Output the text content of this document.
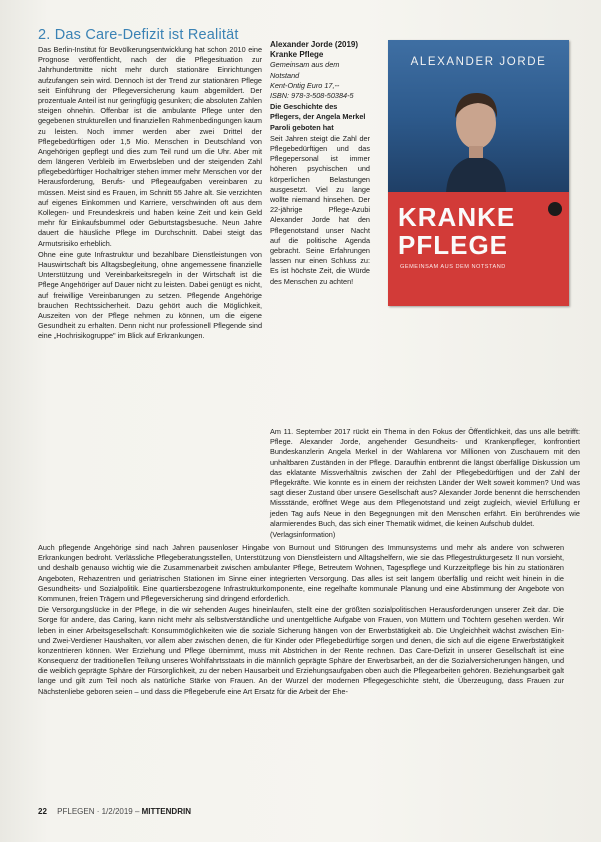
2. Das Care-Defizit ist Realität

Das Berlin-Institut für Bevölkerungsentwicklung hat schon 2010 eine Prognose veröffentlicht, nach der die Pflegesituation zur Jahrhundertmitte nicht mehr durch stationäre Einrichtungen aufzufangen sein wird. Dennoch ist der Trend zur stationären Pflege seit Einführung der Pflegeversicherung kaum abgemildert. Der prozentuale Anteil ist nur geringfügig gesunken; die absoluten Zahlen steigen ohnehin. Offenbar ist die ambulante Pflege unter den gegebenen strukturellen und finanziellen Rahmenbedingungen kaum zu leisten. Noch immer werden aber zwei Drittel der Pflegebedürftigen oder 1,5 Mio. Menschen in Deutschland von Angehörigen gepflegt und dies zum Teil rund um die Uhr. Aber mit dem längeren Verbleib im Erwerbsleben und der steigenden Zahl pflegebedürftiger Hochaltriger stehen immer mehr Menschen vor der Herausforderung, Berufs- und Pflegeaufgaben vereinbaren zu müssen. Meist sind es Frauen, im Schnitt 55 Jahre alt. Sie verzichten auf eigenes Einkommen und Karriere, verschwinden oft aus dem Kollegen- und Freundeskreis und haben keine Zeit und kein Geld mehr für Einkaufsbummel oder Geburtstagsbesuche. Neun Jahre dauert die häusliche Pflege im Durchschnitt. Dabei steigt das Armutsrisiko erheblich.

Ohne eine gute Infrastruktur und bezahlbare Dienstleistungen von Hauswirtschaft bis Alltagsbegleitung, ohne angemessene finanzielle Unterstützung und Vereinbarkeitsregeln in der Wirtschaft ist die Pflege Angehöriger auf Dauer nicht zu leisten. Dabei genügt es nicht, auf freiwillige Vereinbarungen zu setzen. Pflegende Angehörige brauchen Rechtssicherheit. Dazu gehört auch die Möglichkeit, Auszeiten von der Pflege nehmen zu können, um die eigene Gesundheit zu erhalten. Denn nicht nur professionell Pflegende sind eine „Hochrisikogruppe" im Blick auf Erkrankungen.

Alexander Jorde (2019)
Kranke Pflege
Gemeinsam aus dem Notstand
Kent-Ontig Euro 17,--
ISBN: 978-3-508-50384-5
Die Geschichte des Pflegers, der Angela Merkel Paroli geboten hat
Seit Jahren steigt die Zahl der Pflegebedürftigen und das Pflegepersonal ist immer höheren psychischen und körperlichen Belastungen ausgesetzt. Viel zu lange wollte niemand hinsehen. Der 22-jährige Pflege-Azubi Alexander Jorde hat den Pflegenotstand unser Nacht auf die politische Agenda gebracht. Seine Erfahrungen lassen nur einen Schluss zu: Es ist höchste Zeit, die Würde des Menschen zu achten!
ALEXANDER JORDE
KRANKE
PFLEGE
GEMEINSAM AUS DEM NOTSTAND

Am 11. September 2017 rückt ein Thema in den Fokus der Öffentlichkeit, das uns alle betrifft: Pflege. Alexander Jorde, angehender Gesundheits- und Krankenpfleger, konfrontiert Bundeskanzlerin Angela Merkel in der Wahlarena vor Millionen von Zuschauern mit den unhaltbaren Zuständen in der Pflege. Daraufhin entbrennt die längst überfällige Diskussion um das eklatante Missverhältnis zwischen der Zahl der Pflegebedürftigen und der Zahl der Pflegekräfte. Wie konnte es in einem der reichsten Länder der Welt soweit kommen? Und was sagt dieser Zustand über unsere Gesellschaft aus? Alexander Jorde benennt die herrschenden Missstände, eröffnet Wege aus dem Pflegenotstand und zeigt zugleich, wieviel Erfüllung er jeden Tag aufs Neue in den Begegnungen mit den Menschen erfährt. Ein berührendes wie alarmierendes Buch, das sich einer Thematik widmet, die keinen Aufschub duldet.

(Verlagsinformation)

Auch pflegende Angehörige sind nach Jahren pausenloser Hingabe von Burnout und Störungen des Immunsystems und mehr als andere von schweren Erkrankungen bedroht. Verlässliche Pflegeberatungsstellen, Unterstützung von Dienstleistern und Alltagshelfern, wie sie das Pflegestrukturgesetz II nun vorsieht, und deshalb genauso wichtig wie die Zusammenarbeit zwischen ambulanter Pflege, Betreutem Wohnen, Tagespflege und Kurzzeitpflege bis hin zu stationären Angeboten, Rehazentren und geriatrischen Stationen im Sinne einer integrierten Versorgung. Das alles ist seit langem überfällig und reicht weit hinein in die Gesundheits- und Sozialpolitik. Eine quartiersbezogene Infrastrukturkomponente, eine regelhafte kommunale Planung und eine Abstimmung der Angebote von Kommunen, freien Trägern und Pflegeversicherung sind dringend erforderlich.

Die Versorgungslücke in der Pflege, in die wir sehenden Auges hineinlaufen, stellt eine der größten sozialpolitischen Herausforderungen unserer Zeit dar. Die Sorge für andere, das Caring, kann nicht mehr als selbstverständliche und unentgeltliche Aufgabe von Frauen, von Müttern und Töchtern gesehen werden. Wir leben in einer Arbeitsgesellschaft: Konsummöglichkeiten wie die soziale Sicherung hängen von der Erwerbstätigkeit ab. Die Ungleichheit wächst zwischen Ein- und Zwei-Verdiener Haushalten, vor allem aber zwischen denen, die für Kinder oder Pflegebedürftige sorgen und denen, die sich auf die eigene Erwerbstätigkeit konzentrieren können. Wer Erziehung und Pflege übernimmt, muss mit Abstrichen in der Rente rechnen. Das Care-Defizit in unserer Gesellschaft ist eine Konsequenz der traditionellen Teilung unseres Wohlfahrtsstaats in die männlich geprägte Sphäre der Erwerbsarbeit, an der die Sozialversicherungen hängen, und die weiblich geprägte Sphäre der Fürsorglichkeit, zu der neben Hausarbeit und Erziehungsaufgaben oben auch die Pflegearbeiten gehören. Beziehungsarbeit galt lange und gilt zum Teil noch als natürliche Stärke von Frauen. An der Wurzel der modernen Pflegegeschichte steht, die Überzeugung, dass Frauen zur Nächstenliebe geboren seien – und dass die Pflegeberufe eine Art Ersatz für die Arbeit der Ehe-

22 PFLEGEN · 1/2/2019 – MITTENDRIN
